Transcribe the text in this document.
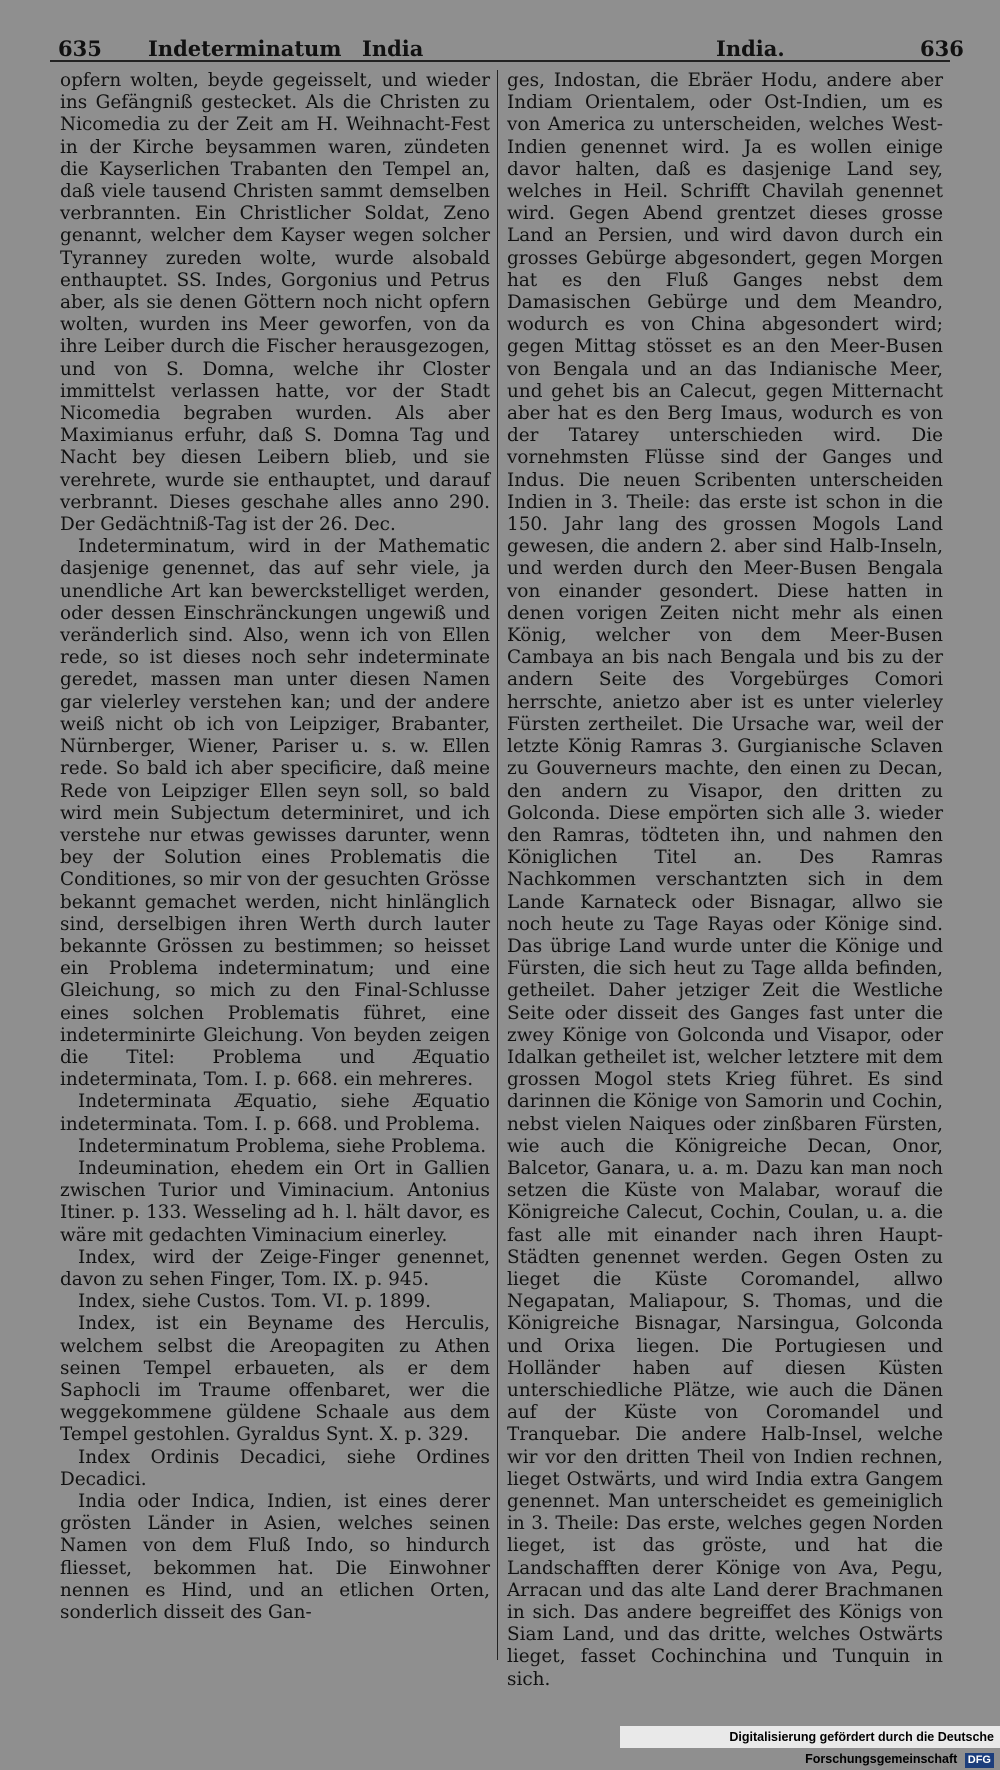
635 Indeterminatum India	India.	636

opfern wolten, beyde gegeisselt, und wieder ins Gefängniß gestecket. Als die Christen zu Nicomedia zu der Zeit am H. Weihnacht-Fest in der Kirche beysammen waren, zündeten die Kayserlichen Trabanten den Tempel an, daß viele tausend Christen sammt demselben verbrannten. Ein Christlicher Soldat, Zeno genannt, welcher dem Kayser wegen solcher Tyranney zureden wolte, wurde alsobald enthauptet. SS. Indes, Gorgonius und Petrus aber, als sie denen Göttern noch nicht opfern wolten, wurden ins Meer geworfen, von da ihre Leiber durch die Fischer herausgezogen, und von S. Domna, welche ihr Closter immittelst verlassen hatte, vor der Stadt Nicomedia begraben wurden. Als aber Maximianus erfuhr, daß S. Domna Tag und Nacht bey diesen Leibern blieb, und sie verehrete, wurde sie enthauptet, und darauf verbrannt. Dieses geschahe alles anno 290. Der Gedächtniß-Tag ist der 26. Dec.

Indeterminatum, wird in der Mathematic dasjenige genennet, das auf sehr viele, ja unendliche Art kan bewerckstelliget werden, oder dessen Einschränckungen ungewiß und veränderlich sind. Also, wenn ich von Ellen rede, so ist dieses noch sehr indeterminate geredet, massen man unter diesen Namen gar vielerley verstehen kan; und der andere weiß nicht ob ich von Leipziger, Brabanter, Nürnberger, Wiener, Pariser u. s. w. Ellen rede. So bald ich aber specificire, daß meine Rede von Leipziger Ellen seyn soll, so bald wird mein Subjectum determiniret, und ich verstehe nur etwas gewisses darunter, wenn bey der Solution eines Problematis die Conditiones, so mir von der gesuchten Grösse bekannt gemachet werden, nicht hinlänglich sind, derselbigen ihren Werth durch lauter bekannte Grössen zu bestimmen; so heisset ein Problema indeterminatum; und eine Gleichung, so mich zu den Final-Schlusse eines solchen Problematis führet, eine indeterminirte Gleichung. Von beyden zeigen die Titel: Problema und Æquatio indeterminata, Tom. I. p. 668. ein mehreres.

Indeterminata Æquatio, siehe Æquatio indeterminata. Tom. I. p. 668. und Problema.

Indeterminatum Problema, siehe Problema.

Indeumination, ehedem ein Ort in Gallien zwischen Turior und Viminacium. Antonius Itiner. p. 133. Wesseling ad h. l. hält davor, es wäre mit gedachten Viminacium einerley.

Index, wird der Zeige-Finger genennet, davon zu sehen Finger, Tom. IX. p. 945.

Index, siehe Custos. Tom. VI. p. 1899.

Index, ist ein Beyname des Herculis, welchem selbst die Areopagiten zu Athen seinen Tempel erbaueten, als er dem Saphocli im Traume offenbaret, wer die weggekommene güldene Schaale aus dem Tempel gestohlen. Gyraldus Synt. X. p. 329.

Index Ordinis Decadici, siehe Ordines Decadici.

India oder Indica, Indien, ist eines derer grösten Länder in Asien, welches seinen Namen von dem Fluß Indo, so hindurch fliesset, bekommen hat. Die Einwohner nennen es Hind, und an etlichen Orten, sonderlich disseit des Gan-

ges, Indostan, die Ebräer Hodu, andere aber Indiam Orientalem, oder Ost-Indien, um es von America zu unterscheiden, welches West-Indien genennet wird. Ja es wollen einige davor halten, daß es dasjenige Land sey, welches in Heil. Schrifft Chavilah genennet wird. Gegen Abend grentzet dieses grosse Land an Persien, und wird davon durch ein grosses Gebürge abgesondert, gegen Morgen hat es den Fluß Ganges nebst dem Damasischen Gebürge und dem Meandro, wodurch es von China abgesondert wird; gegen Mittag stösset es an den Meer-Busen von Bengala und an das Indianische Meer, und gehet bis an Calecut, gegen Mitternacht aber hat es den Berg Imaus, wodurch es von der Tatarey unterschieden wird. Die vornehmsten Flüsse sind der Ganges und Indus. Die neuen Scribenten unterscheiden Indien in 3. Theile: das erste ist schon in die 150. Jahr lang des grossen Mogols Land gewesen, die andern 2. aber sind Halb-Inseln, und werden durch den Meer-Busen Bengala von einander gesondert. Diese hatten in denen vorigen Zeiten nicht mehr als einen König, welcher von dem Meer-Busen Cambaya an bis nach Bengala und bis zu der andern Seite des Vorgebürges Comori herrschte, anietzo aber ist es unter vielerley Fürsten zertheilet. Die Ursache war, weil der letzte König Ramras 3. Gurgianische Sclaven zu Gouverneurs machte, den einen zu Decan, den andern zu Visapor, den dritten zu Golconda. Diese empörten sich alle 3. wieder den Ramras, tödteten ihn, und nahmen den Königlichen Titel an. Des Ramras Nachkommen verschantzten sich in dem Lande Karnateck oder Bisnagar, allwo sie noch heute zu Tage Rayas oder Könige sind. Das übrige Land wurde unter die Könige und Fürsten, die sich heut zu Tage allda befinden, getheilet. Daher jetziger Zeit die Westliche Seite oder disseit des Ganges fast unter die zwey Könige von Golconda und Visapor, oder Idalkan getheilet ist, welcher letztere mit dem grossen Mogol stets Krieg führet. Es sind darinnen die Könige von Samorin und Cochin, nebst vielen Naiques oder zinßbaren Fürsten, wie auch die Königreiche Decan, Onor, Balcetor, Ganara, u. a. m. Dazu kan man noch setzen die Küste von Malabar, worauf die Königreiche Calecut, Cochin, Coulan, u. a. die fast alle mit einander nach ihren Haupt-Städten genennet werden. Gegen Osten zu lieget die Küste Coromandel, allwo Negapatan, Maliapour, S. Thomas, und die Königreiche Bisnagar, Narsingua, Golconda und Orixa liegen. Die Portugiesen und Holländer haben auf diesen Küsten unterschiedliche Plätze, wie auch die Dänen auf der Küste von Coromandel und Tranquebar. Die andere Halb-Insel, welche wir vor den dritten Theil von Indien rechnen, lieget Ostwärts, und wird India extra Gangem genennet. Man unterscheidet es gemeiniglich in 3. Theile: Das erste, welches gegen Norden lieget, ist das gröste, und hat die Landschafften derer Könige von Ava, Pegu, Arracan und das alte Land derer Brachmanen in sich. Das andere begreiffet des Königs von Siam Land, und das dritte, welches Ostwärts lieget, fasset Cochinchina und Tunquin in sich.

Digitalisierung gefördert durch die Deutsche Forschungsgemeinschaft DFG
